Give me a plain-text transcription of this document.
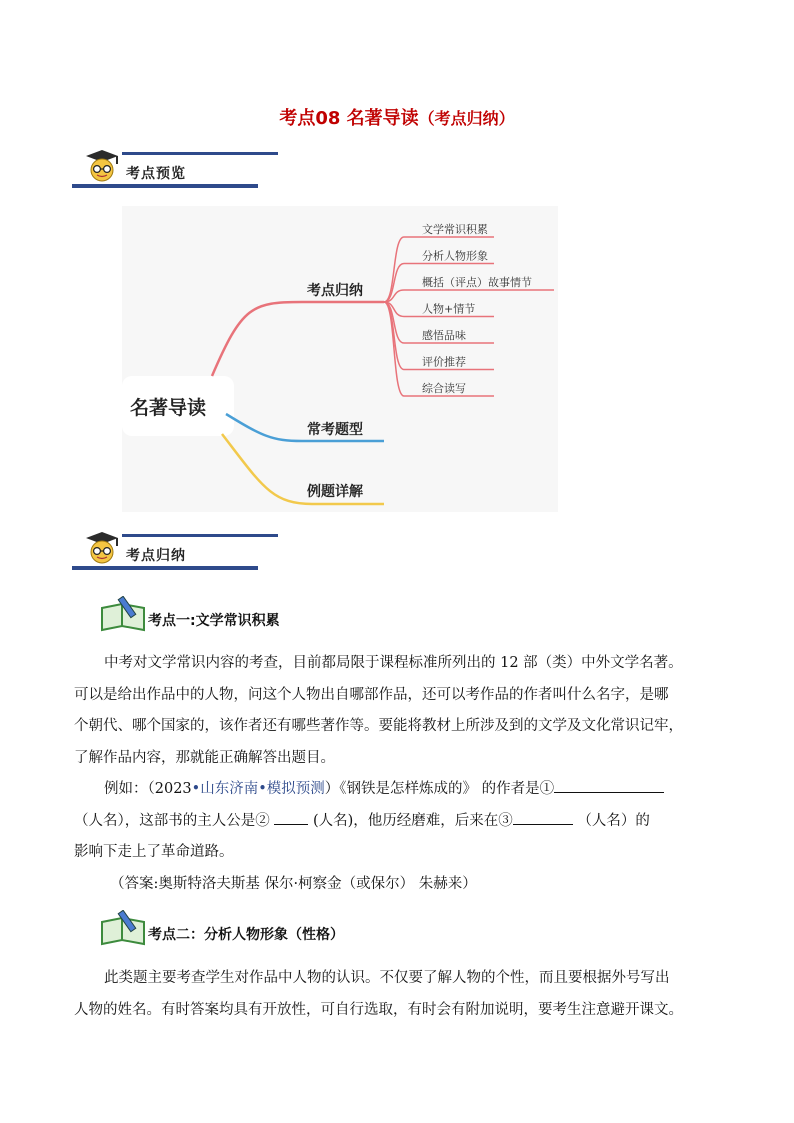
考点08 名著导读（考点归纳）
考点预览
名著导读
考点归纳
常考题型
例题详解
文学常识积累
分析人物形象
概括（评点）故事情节
人物+情节
感悟品味
评价推荐
综合读写
考点归纳
考点一:文学常识积累
中考对文学常识内容的考查，目前都局限于课程标准所列出的 12 部（类）中外文学名著。
可以是给出作品中的人物，问这个人物出自哪部作品，还可以考作品的作者叫什么名字，是哪
个朝代、哪个国家的，该作者还有哪些著作等。要能将教材上所涉及到的文学及文化常识记牢，
了解作品内容，那就能正确解答出题目。
例如：（2023•山东济南•模拟预测）《钢铁是怎样炼成的》 的作者是①
（人名），这部书的主人公是②	(人名)，他历经磨难，后来在③	（人名）的
影响下走上了革命道路。
（答案:奥斯特洛夫斯基 保尔·柯察金（或保尔） 朱赫来）
考点二：分析人物形象（性格）
此类题主要考查学生对作品中人物的认识。不仅要了解人物的个性，而且要根据外号写出
人物的姓名。有时答案均具有开放性，可自行选取，有时会有附加说明，要考生注意避开课文。
